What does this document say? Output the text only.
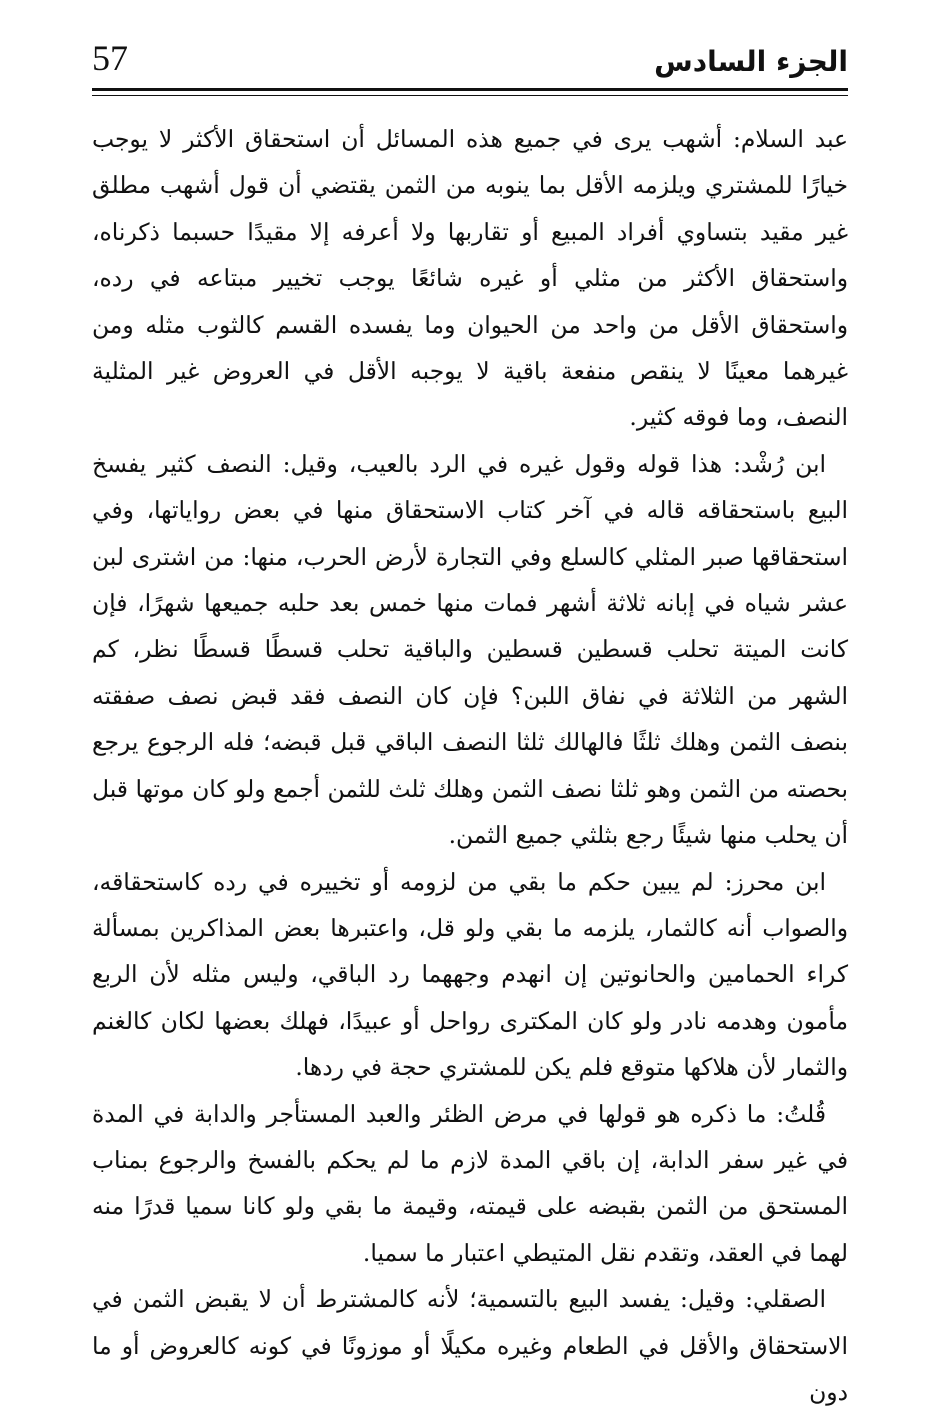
57	الجزء السادس

عبد السلام: أشهب يرى في جميع هذه المسائل أن استحقاق الأكثر لا يوجب خيارًا للمشتري ويلزمه الأقل بما ينوبه من الثمن يقتضي أن قول أشهب مطلق غير مقيد بتساوي أفراد المبيع أو تقاربها ولا أعرفه إلا مقيدًا حسبما ذكرناه، واستحقاق الأكثر من مثلي أو غيره شائعًا يوجب تخيير مبتاعه في رده، واستحقاق الأقل من واحد من الحيوان وما يفسده القسم كالثوب مثله ومن غيرهما معينًا لا ينقص منفعة باقية لا يوجبه الأقل في العروض غير المثلية النصف، وما فوقه كثير.

ابن رُشْد: هذا قوله وقول غيره في الرد بالعيب، وقيل: النصف كثير يفسخ البيع باستحقاقه قاله في آخر كتاب الاستحقاق منها في بعض رواياتها، وفي استحقاقها صبر المثلي كالسلع وفي التجارة لأرض الحرب، منها: من اشترى لبن عشر شياه في إبانه ثلاثة أشهر فمات منها خمس بعد حلبه جميعها شهرًا، فإن كانت الميتة تحلب قسطين قسطين والباقية تحلب قسطًا قسطًا نظر، كم الشهر من الثلاثة في نفاق اللبن؟ فإن كان النصف فقد قبض نصف صفقته بنصف الثمن وهلك ثلثًا فالهالك ثلثا النصف الباقي قبل قبضه؛ فله الرجوع يرجع بحصته من الثمن وهو ثلثا نصف الثمن وهلك ثلث للثمن أجمع ولو كان موتها قبل أن يحلب منها شيئًا رجع بثلثي جميع الثمن.

ابن محرز: لم يبين حكم ما بقي من لزومه أو تخييره في رده كاستحقاقه، والصواب أنه كالثمار، يلزمه ما بقي ولو قل، واعتبرها بعض المذاكرين بمسألة كراء الحمامين والحانوتين إن انهدم وجههما رد الباقي، وليس مثله لأن الربع مأمون وهدمه نادر ولو كان المكترى رواحل أو عبيدًا، فهلك بعضها لكان كالغنم والثمار لأن هلاكها متوقع فلم يكن للمشتري حجة في ردها.

قُلتُ: ما ذكره هو قولها في مرض الظئر والعبد المستأجر والدابة في المدة في غير سفر الدابة، إن باقي المدة لازم ما لم يحكم بالفسخ والرجوع بمناب المستحق من الثمن بقبضه على قيمته، وقيمة ما بقي ولو كانا سميا قدرًا منه لهما في العقد، وتقدم نقل المتيطي اعتبار ما سميا.

الصقلي: وقيل: يفسد البيع بالتسمية؛ لأنه كالمشترط أن لا يقبض الثمن في الاستحقاق والأقل في الطعام وغيره مكيلًا أو موزونًا في كونه كالعروض أو ما دون
